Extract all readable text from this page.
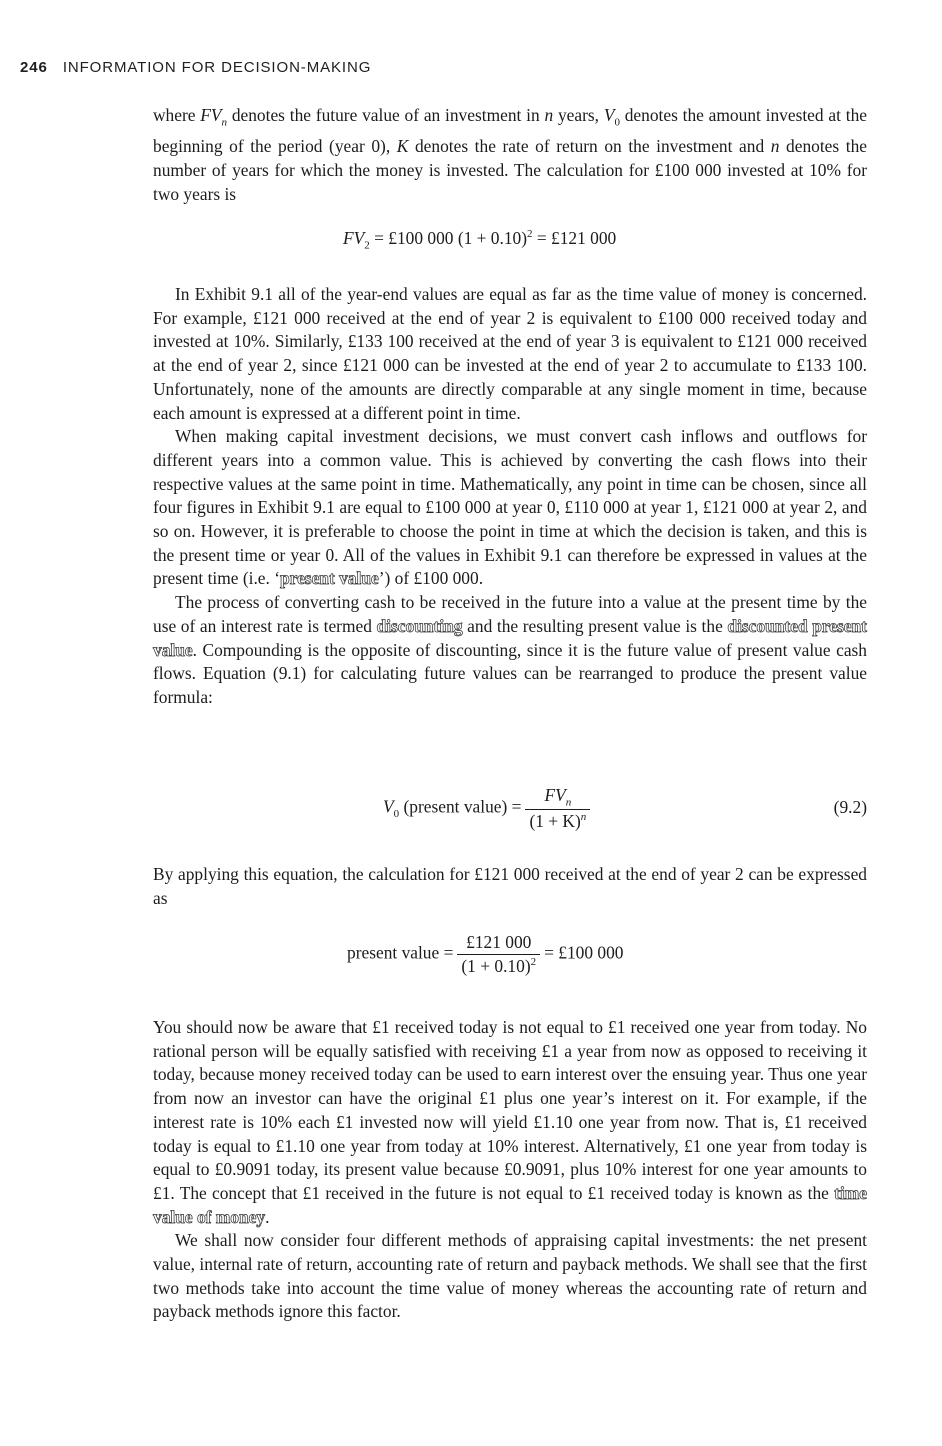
246 INFORMATION FOR DECISION-MAKING

where $FV_n$ denotes the future value of an investment in n years, $V_0$ denotes the amount invested at the beginning of the period (year 0), K denotes the rate of return on the investment and n denotes the number of years for which the money is invested. The calculation for £100 000 invested at 10% for two years is

$FV_2$ = £100 000 $(1 + 0.10)^2$ = £121 000

In Exhibit 9.1 all of the year-end values are equal as far as the time value of money is concerned. For example, £121 000 received at the end of year 2 is equivalent to £100 000 received today and invested at 10%. Similarly, £133 100 received at the end of year 3 is equivalent to £121 000 received at the end of year 2, since £121 000 can be invested at the end of year 2 to accumulate to £133 100. Unfortunately, none of the amounts are directly comparable at any single moment in time, because each amount is expressed at a different point in time.

When making capital investment decisions, we must convert cash inflows and outflows for different years into a common value. This is achieved by converting the cash flows into their respective values at the same point in time. Mathematically, any point in time can be chosen, since all four figures in Exhibit 9.1 are equal to £100 000 at year 0, £110 000 at year 1, £121 000 at year 2, and so on. However, it is preferable to choose the point in time at which the decision is taken, and this is the present time or year 0. All of the values in Exhibit 9.1 can therefore be expressed in values at the present time (i.e. ‘present value’) of £100 000.

The process of converting cash to be received in the future into a value at the present time by the use of an interest rate is termed discounting and the resulting present value is the discounted present value. Compounding is the opposite of discounting, since it is the future value of present value cash flows. Equation (9.1) for calculating future values can be rearranged to produce the present value formula:

$V_0$ (present value) = $\frac{FV_n}{(1 + K)^n}$	(9.2)

By applying this equation, the calculation for £121 000 received at the end of year 2 can be expressed as

present value = $\frac{£121 000}{(1 + 0.10)^2}$ = £100 000

You should now be aware that £1 received today is not equal to £1 received one year from today. No rational person will be equally satisfied with receiving £1 a year from now as opposed to receiving it today, because money received today can be used to earn interest over the ensuing year. Thus one year from now an investor can have the original £1 plus one year’s interest on it. For example, if the interest rate is 10% each £1 invested now will yield £1.10 one year from now. That is, £1 received today is equal to £1.10 one year from today at 10% interest. Alternatively, £1 one year from today is equal to £0.9091 today, its present value because £0.9091, plus 10% interest for one year amounts to £1. The concept that £1 received in the future is not equal to £1 received today is known as the time value of money.

We shall now consider four different methods of appraising capital investments: the net present value, internal rate of return, accounting rate of return and payback methods. We shall see that the first two methods take into account the time value of money whereas the accounting rate of return and payback methods ignore this factor.
